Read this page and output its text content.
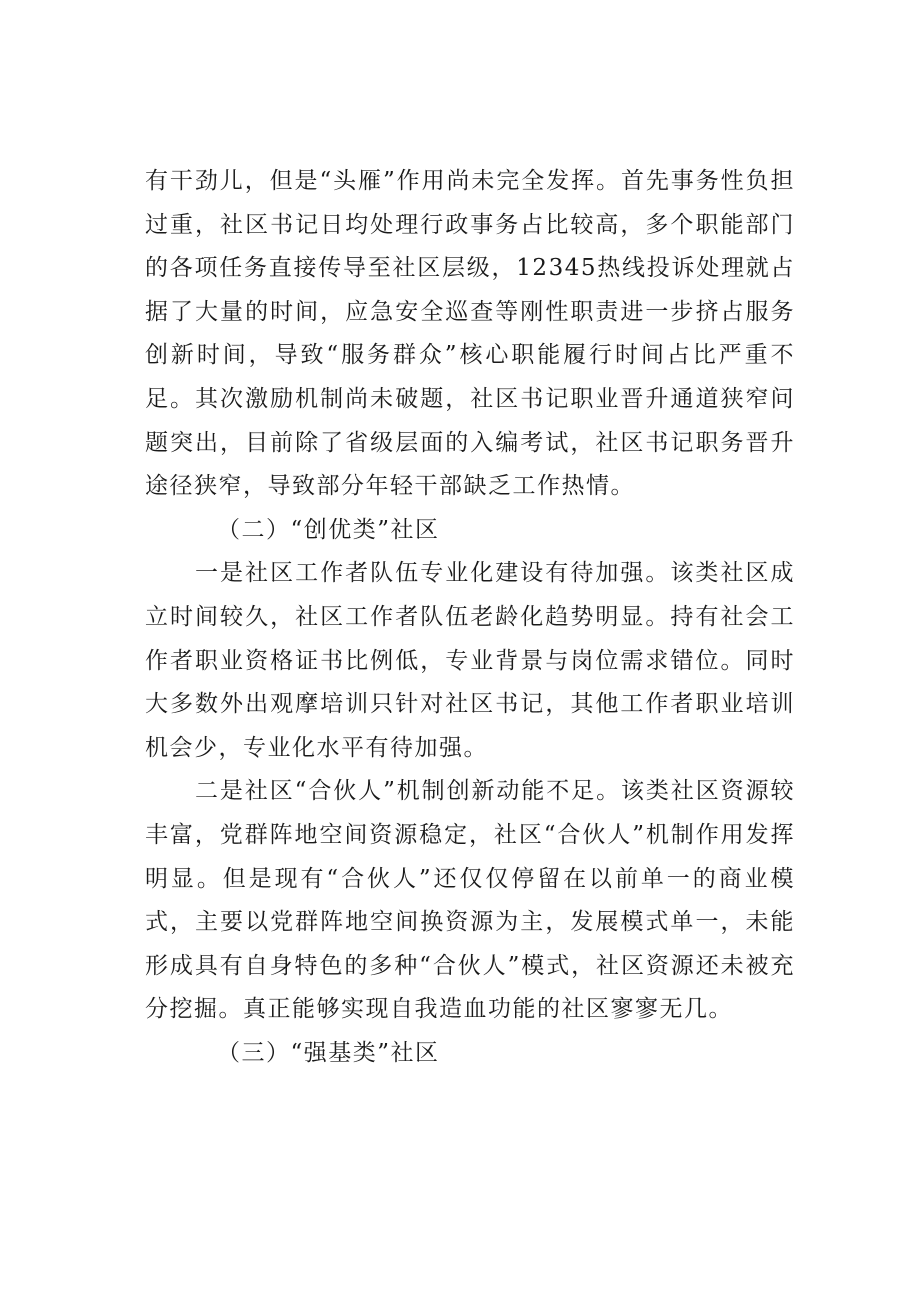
有干劲儿，但是“头雁”作用尚未完全发挥。首先事务性负担过重，社区书记日均处理行政事务占比较高，多个职能部门的各项任务直接传导至社区层级，12345热线投诉处理就占据了大量的时间，应急安全巡查等刚性职责进一步挤占服务创新时间，导致“服务群众”核心职能履行时间占比严重不足。其次激励机制尚未破题，社区书记职业晋升通道狭窄问题突出，目前除了省级层面的入编考试，社区书记职务晋升途径狭窄，导致部分年轻干部缺乏工作热情。

（二）“创优类”社区

一是社区工作者队伍专业化建设有待加强。该类社区成立时间较久，社区工作者队伍老龄化趋势明显。持有社会工作者职业资格证书比例低，专业背景与岗位需求错位。同时大多数外出观摩培训只针对社区书记，其他工作者职业培训机会少，专业化水平有待加强。

二是社区“合伙人”机制创新动能不足。该类社区资源较丰富，党群阵地空间资源稳定，社区“合伙人”机制作用发挥明显。但是现有“合伙人”还仅仅停留在以前单一的商业模式，主要以党群阵地空间换资源为主，发展模式单一，未能形成具有自身特色的多种“合伙人”模式，社区资源还未被充分挖掘。真正能够实现自我造血功能的社区寥寥无几。

（三）“强基类”社区
